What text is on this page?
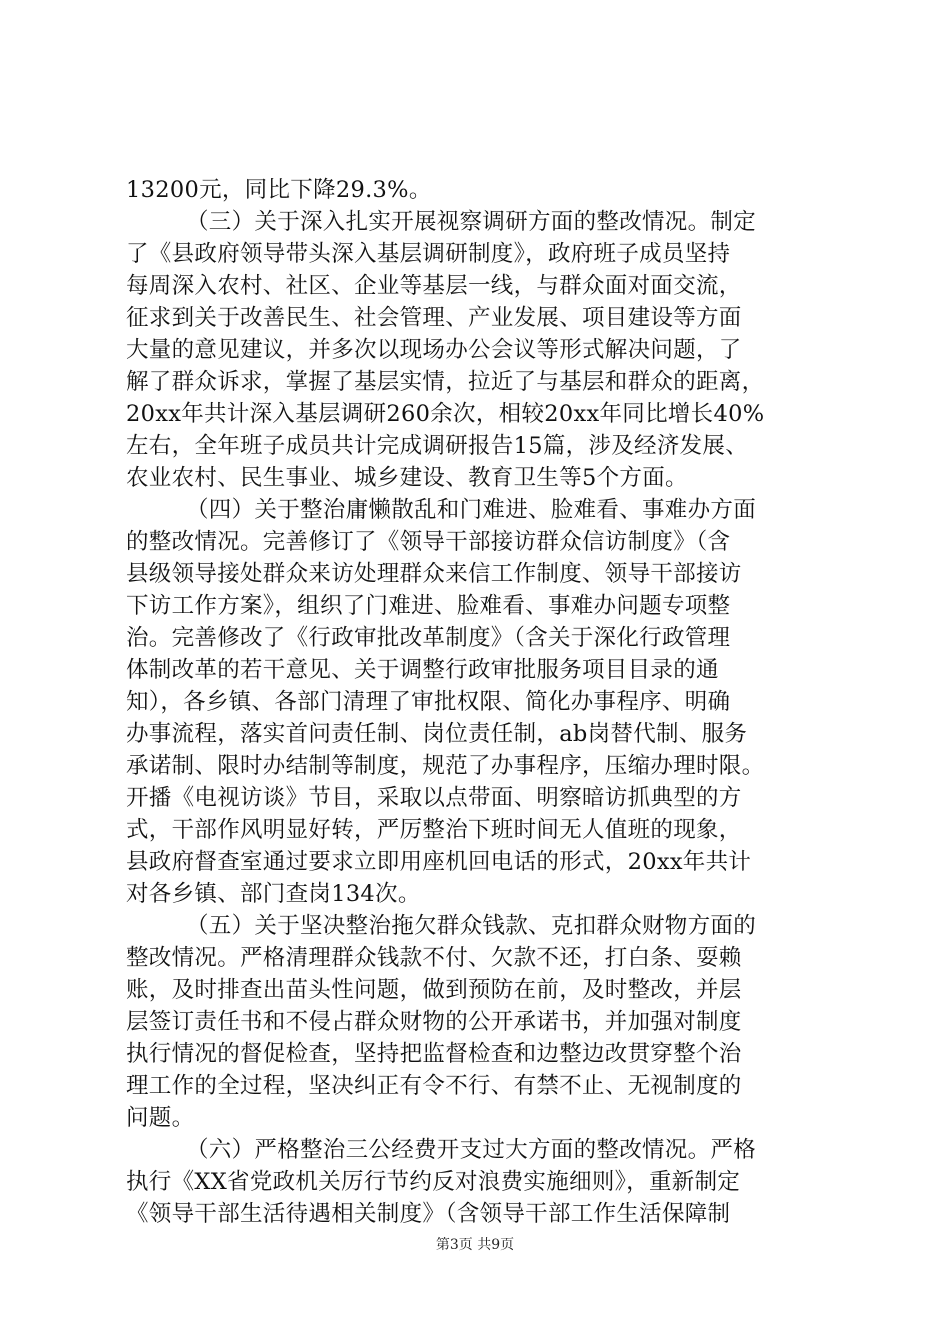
13200元，同比下降29.3%。
（三）关于深入扎实开展视察调研方面的整改情况。制定
了《县政府领导带头深入基层调研制度》，政府班子成员坚持
每周深入农村、社区、企业等基层一线，与群众面对面交流，
征求到关于改善民生、社会管理、产业发展、项目建设等方面
大量的意见建议，并多次以现场办公会议等形式解决问题，了
解了群众诉求，掌握了基层实情，拉近了与基层和群众的距离，
20xx年共计深入基层调研260余次，相较20xx年同比增长40%
左右，全年班子成员共计完成调研报告15篇，涉及经济发展、
农业农村、民生事业、城乡建设、教育卫生等5个方面。
（四）关于整治庸懒散乱和门难进、脸难看、事难办方面
的整改情况。完善修订了《领导干部接访群众信访制度》（含
县级领导接处群众来访处理群众来信工作制度、领导干部接访
下访工作方案》，组织了门难进、脸难看、事难办问题专项整
治。完善修改了《行政审批改革制度》（含关于深化行政管理
体制改革的若干意见、关于调整行政审批服务项目目录的通
知），各乡镇、各部门清理了审批权限、简化办事程序、明确
办事流程，落实首问责任制、岗位责任制，ab岗替代制、服务
承诺制、限时办结制等制度，规范了办事程序，压缩办理时限。
开播《电视访谈》节目，采取以点带面、明察暗访抓典型的方
式，干部作风明显好转，严厉整治下班时间无人值班的现象，
县政府督查室通过要求立即用座机回电话的形式，20xx年共计
对各乡镇、部门查岗134次。
（五）关于坚决整治拖欠群众钱款、克扣群众财物方面的
整改情况。严格清理群众钱款不付、欠款不还，打白条、耍赖
账，及时排查出苗头性问题，做到预防在前，及时整改，并层
层签订责任书和不侵占群众财物的公开承诺书，并加强对制度
执行情况的督促检查，坚持把监督检查和边整边改贯穿整个治
理工作的全过程，坚决纠正有令不行、有禁不止、无视制度的
问题。
（六）严格整治三公经费开支过大方面的整改情况。严格
执行《XX省党政机关厉行节约反对浪费实施细则》，重新制定
《领导干部生活待遇相关制度》（含领导干部工作生活保障制
第3页 共9页
